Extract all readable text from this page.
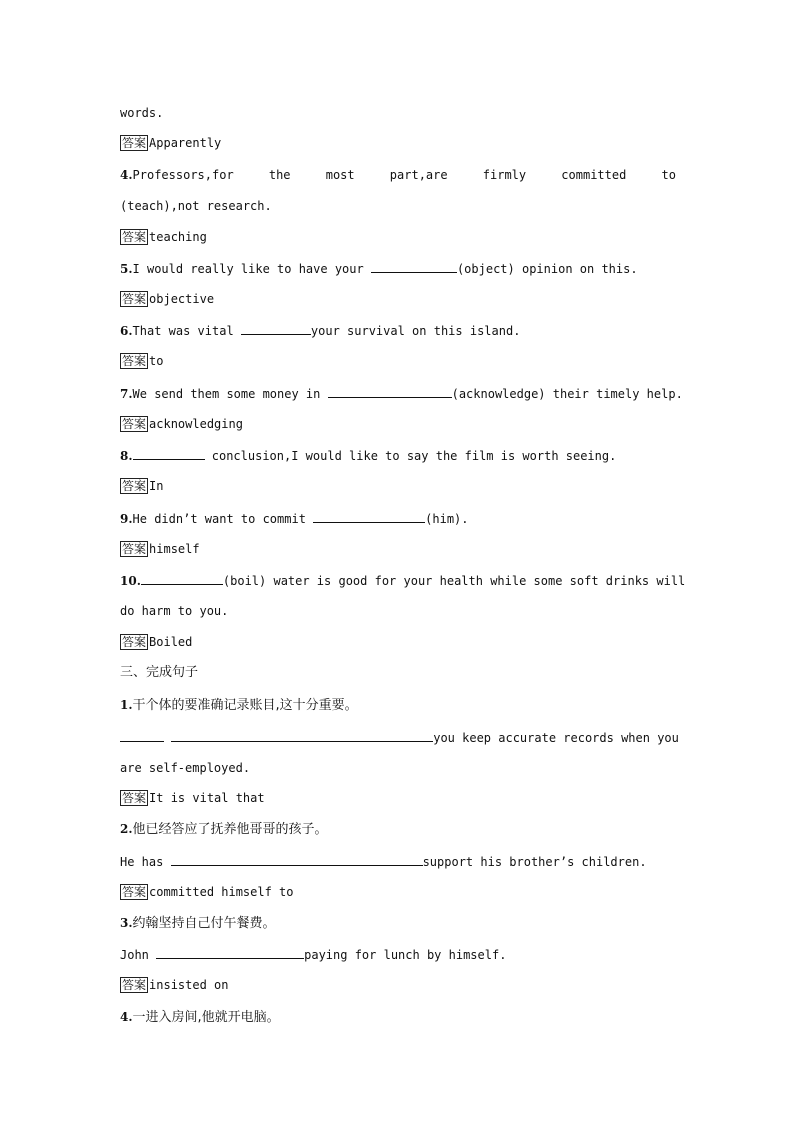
words.
答案 Apparently
4.Professors,for	the	most	part,are	firmly	committed	to
(teach),not research.
答案 teaching
5.I would really like to have your	(object) opinion on this.
答案 objective
6.That was vital	your survival on this island.
答案 to
7.We send them some money in	(acknowledge) their timely help.
答案 acknowledging
8.	conclusion,I would like to say the film is worth seeing.
答案 In
9.He didn’t want to commit	(him).
答案 himself
10.	(boil) water is good for your health while some soft drinks will
do harm to you.
答案 Boiled
三、完成句子
1.干个体的要准确记录账目,这十分重要。
you keep accurate records when you
are self-employed.
答案 It is vital that
2.他已经答应了抚养他哥哥的孩子。
He has	support his brother’s children.
答案 committed himself to
3.约翰坚持自己付午餐费。
John	paying for lunch by himself.
答案 insisted on
4.一进入房间,他就开电脑。
